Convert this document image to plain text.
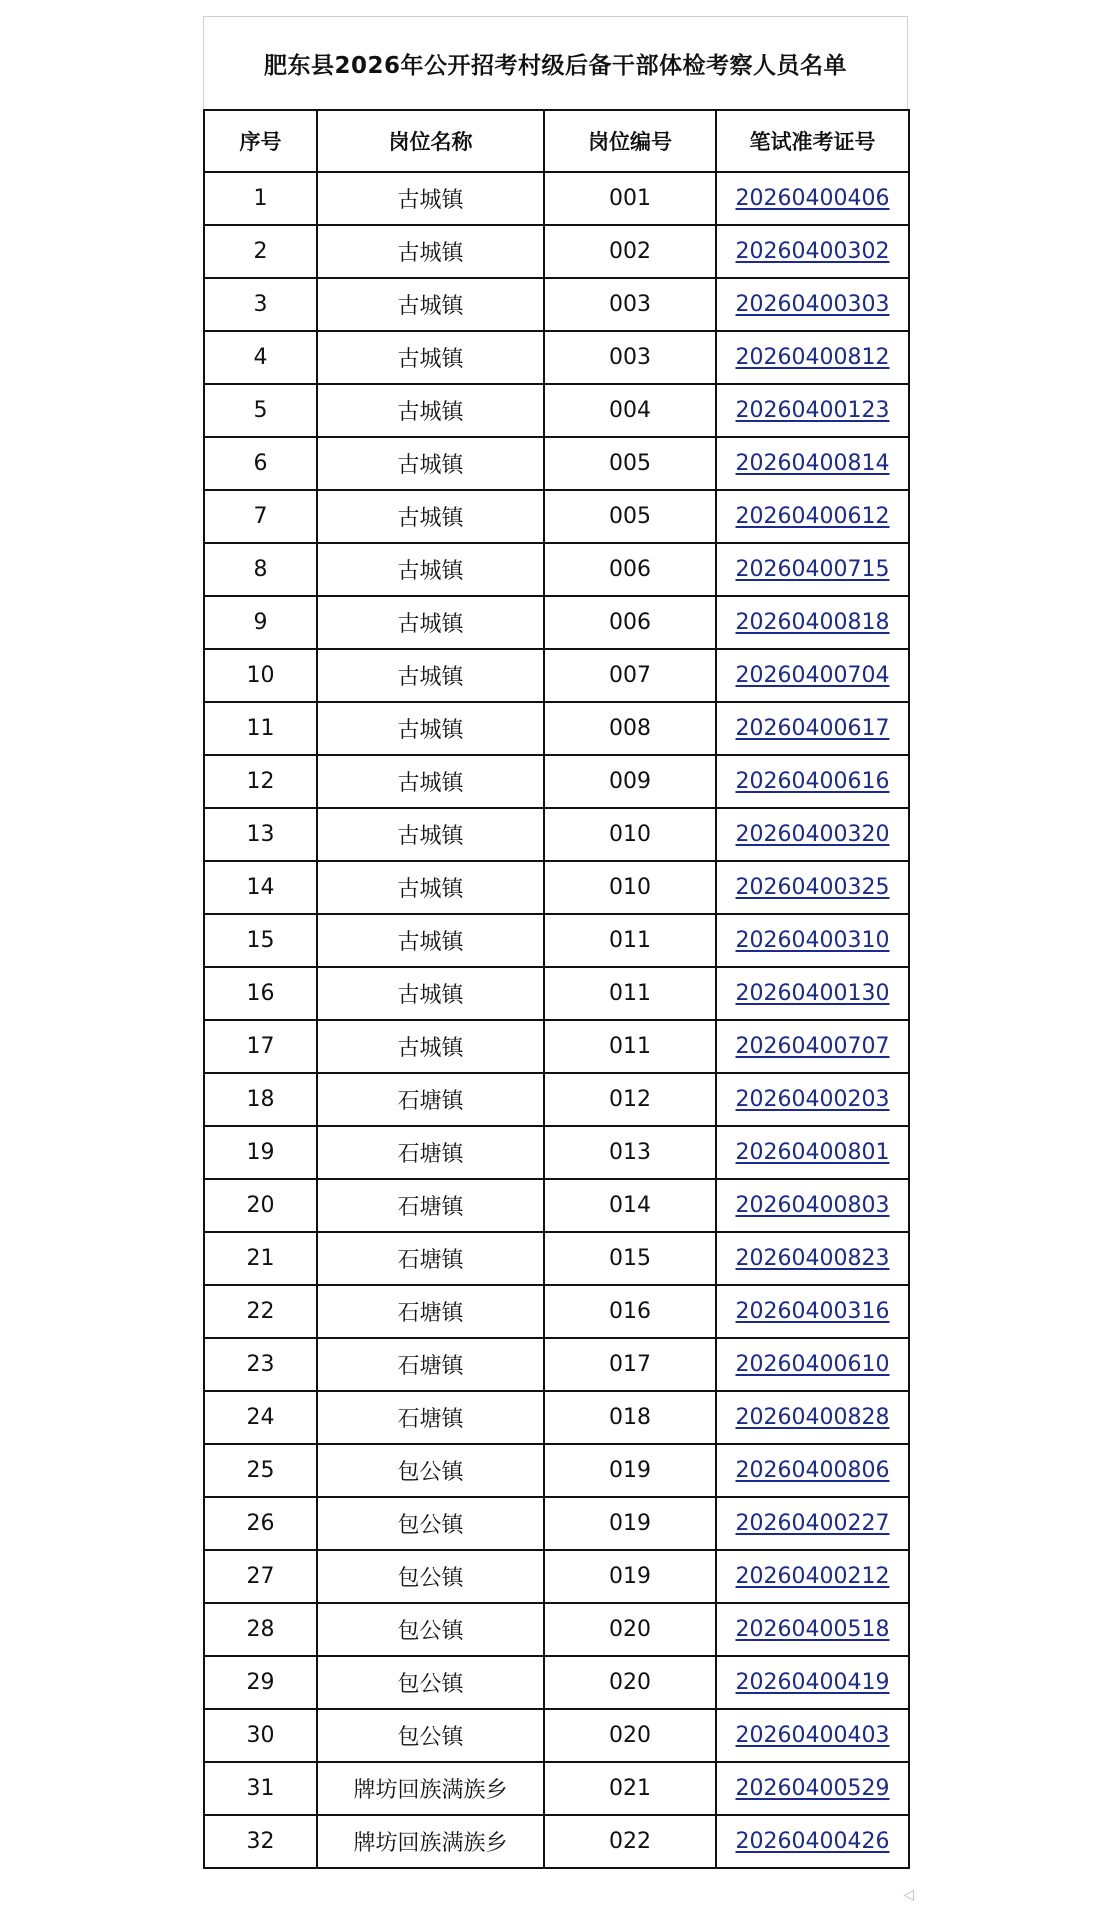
肥东县2026年公开招考村级后备干部体检考察人员名单
序号	岗位名称	岗位编号	笔试准考证号
1	古城镇	001	20260400406
2	古城镇	002	20260400302
3	古城镇	003	20260400303
4	古城镇	003	20260400812
5	古城镇	004	20260400123
6	古城镇	005	20260400814
7	古城镇	005	20260400612
8	古城镇	006	20260400715
9	古城镇	006	20260400818
10	古城镇	007	20260400704
11	古城镇	008	20260400617
12	古城镇	009	20260400616
13	古城镇	010	20260400320
14	古城镇	010	20260400325
15	古城镇	011	20260400310
16	古城镇	011	20260400130
17	古城镇	011	20260400707
18	石塘镇	012	20260400203
19	石塘镇	013	20260400801
20	石塘镇	014	20260400803
21	石塘镇	015	20260400823
22	石塘镇	016	20260400316
23	石塘镇	017	20260400610
24	石塘镇	018	20260400828
25	包公镇	019	20260400806
26	包公镇	019	20260400227
27	包公镇	019	20260400212
28	包公镇	020	20260400518
29	包公镇	020	20260400419
30	包公镇	020	20260400403
31	牌坊回族满族乡	021	20260400529
32	牌坊回族满族乡	022	20260400426
◁
